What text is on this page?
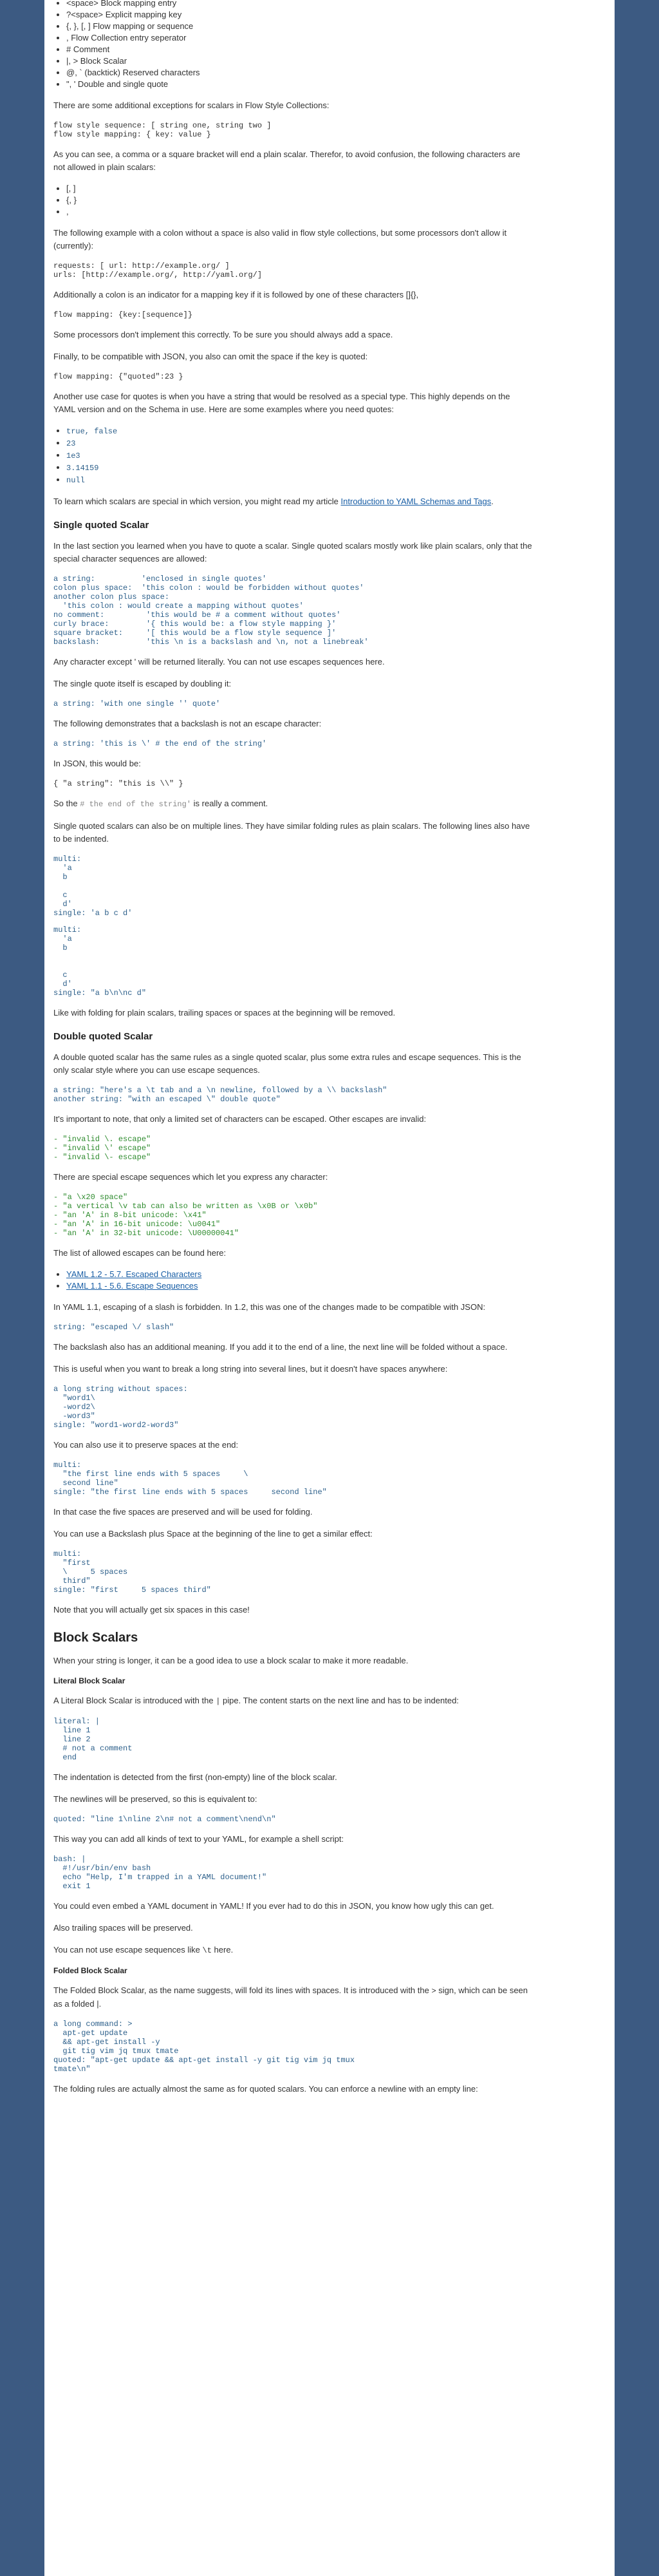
• <space> Block mapping entry
• ?<space> Explicit mapping key
• {, }, [, ] Flow mapping or sequence
• , Flow Collection entry seperator
• # Comment
• |, > Block Scalar
• @, ` (backtick) Reserved characters
• ", ' Double and single quote

There are some additional exceptions for scalars in Flow Style Collections:

flow style sequence: [ string one, string two ]
flow style mapping: { key: value }

As you can see, a comma or a square bracket will end a plain scalar. Therefor, to avoid confusion, the following characters are not allowed in plain scalars:

• [, ]
• {, }
• ,

The following example with a colon without a space is also valid in flow style collections, but some processors don't allow it (currently):

requests: [ url: http://example.org/ ]
urls: [http://example.org/, http://yaml.org/]

Additionally a colon is an indicator for a mapping key if it is followed by one of these characters []{},

flow mapping: {key:[sequence]}

Some processors don't implement this correctly. To be sure you should always add a space.

Finally, to be compatible with JSON, you also can omit the space if the key is quoted:

flow mapping: {"quoted":23 }

Another use case for quotes is when you have a string that would be resolved as a special type. This highly depends on the YAML version and on the Schema in use. Here are some examples where you need quotes:

• true, false
• 23
• 1e3
• 3.14159
• null

To learn which scalars are special in which version, you might read my article Introduction to YAML Schemas and Tags.

Single quoted Scalar

In the last section you learned when you have to quote a scalar. Single quoted scalars mostly work like plain scalars, only that the special character sequences are allowed:

a string:          'enclosed in single quotes'
colon plus space:  'this colon : would be forbidden without quotes'
another colon plus space:
'this colon : would create a mapping without quotes'
no comment:         'this would be # a comment without quotes'
curly brace:        '{ this would be: a flow style mapping }'
square bracket:     '[ this would be a flow style sequence ]'
backslash:          'this \n is a backslash and \n, not a linebreak'

Any character except ' will be returned literally. You can not use escapes sequences here.

The single quote itself is escaped by doubling it:

a string: 'with one single '' quote'

The following demonstrates that a backslash is not an escape character:

a string: 'this is \' # the end of the string'

In JSON, this would be:

{ "a string": "this is \\" }

So the # the end of the string' is really a comment.

Single quoted scalars can also be on multiple lines. They have similar folding rules as plain scalars. The following lines also have to be indented.

multi:
'a
b

c
d'
single: 'a b c d'
multi:
'a
b

c
d'
single: "a b\n\nc d"

Like with folding for plain scalars, trailing spaces or spaces at the beginning will be removed.

Double quoted Scalar

A double quoted scalar has the same rules as a single quoted scalar, plus some extra rules and escape sequences. This is the only scalar style where you can use escape sequences.

a string: "here's a \t tab and a \n newline, followed by a \\ backslash"
another string: "with an escaped \" double quote"

It's important to note, that only a limited set of characters can be escaped. Other escapes are invalid:

- "invalid \. escape"
- "invalid \' escape"
- "invalid \- escape"

There are special escape sequences which let you express any character:

- "a \x20 space"
- "a vertical \v tab can also be written as \x0B or \x0b"
- "an 'A' in 8-bit unicode: \x41"
- "an 'A' in 16-bit unicode: \u0041"
- "an 'A' in 32-bit unicode: \U00000041"

The list of allowed escapes can be found here:

• YAML 1.2 - 5.7. Escaped Characters
• YAML 1.1 - 5.6. Escape Sequences

In YAML 1.1, escaping of a slash is forbidden. In 1.2, this was one of the changes made to be compatible with JSON:

string: "escaped \/ slash"

The backslash also has an additional meaning. If you add it to the end of a line, the next line will be folded without a space.

This is useful when you want to break a long string into several lines, but it doesn't have spaces anywhere:

a long string without spaces:
"word1\
-word2\
-word3"
single: "word1-word2-word3"

You can also use it to preserve spaces at the end:

multi:
"the first line ends with 5 spaces     \
second line"
single: "the first line ends with 5 spaces     second line"

In that case the five spaces are preserved and will be used for folding.

You can use a Backslash plus Space at the beginning of the line to get a similar effect:

multi:
"first
\     5 spaces
third"
single: "first     5 spaces third"

Note that you will actually get six spaces in this case!

Block Scalars

When your string is longer, it can be a good idea to use a block scalar to make it more readable.

Literal Block Scalar

A Literal Block Scalar is introduced with the | pipe. The content starts on the next line and has to be indented:

literal: |
line 1
line 2
# not a comment
end

The indentation is detected from the first (non-empty) line of the block scalar.

The newlines will be preserved, so this is equivalent to:

quoted: "line 1\nline 2\n# not a comment\nend\n"

This way you can add all kinds of text to your YAML, for example a shell script:

bash: |
#!/usr/bin/env bash
echo "Help, I'm trapped in a YAML document!"
exit 1

You could even embed a YAML document in YAML! If you ever had to do this in JSON, you know how ugly this can get.

Also trailing spaces will be preserved.

You can not use escape sequences like \t here.

Folded Block Scalar

The Folded Block Scalar, as the name suggests, will fold its lines with spaces. It is introduced with the > sign, which can be seen as a folded |.

a long command: >
apt-get update
&& apt-get install -y
git tig vim jq tmux tmate
quoted: "apt-get update && apt-get install -y git tig vim jq tmux
tmate\n"

The folding rules are actually almost the same as for quoted scalars. You can enforce a newline with an empty line:
